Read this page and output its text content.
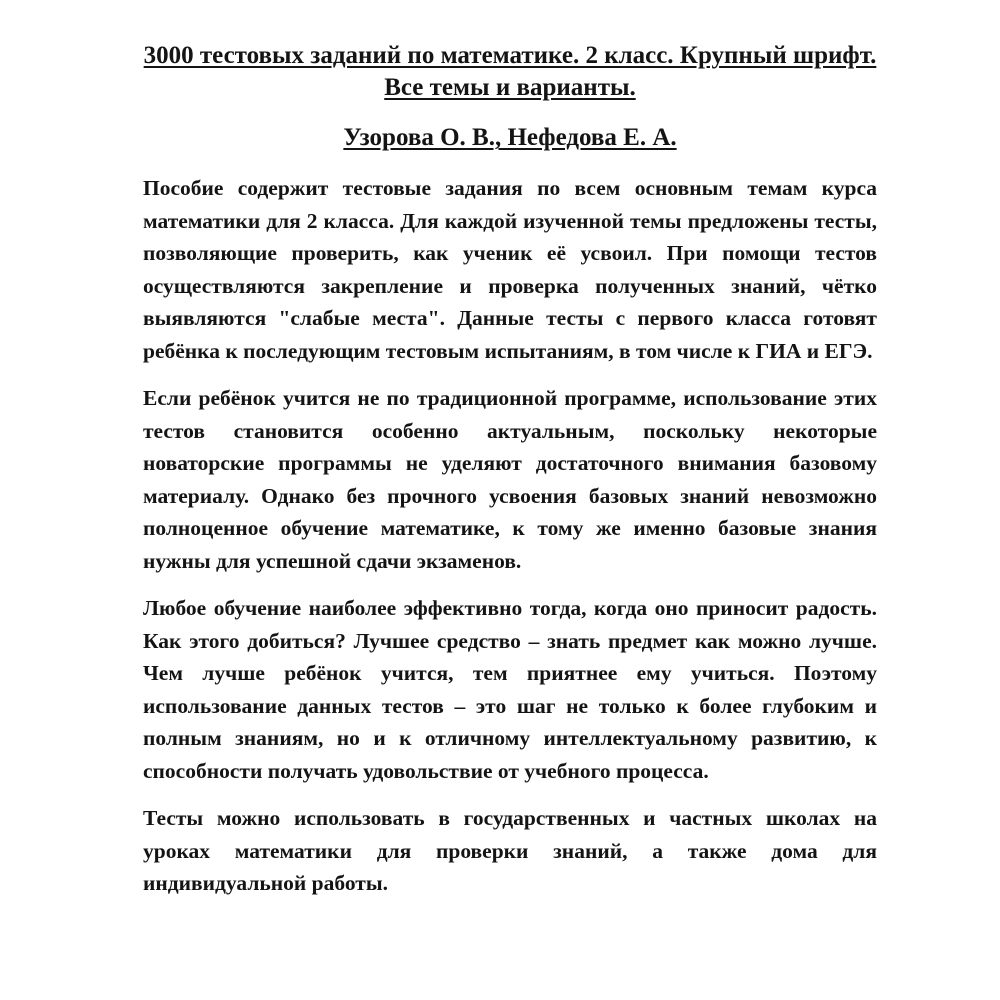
3000 тестовых заданий по математике. 2 класс. Крупный шрифт. Все темы и варианты.
Узорова О. В., Нефедова Е. А.

Пособие содержит тестовые задания по всем основным темам курса математики для 2 класса. Для каждой изученной темы предложены тесты, позволяющие проверить, как ученик её усвоил. При помощи тестов осуществляются закрепление и проверка полученных знаний, чётко выявляются "слабые места". Данные тесты с первого класса готовят ребёнка к последующим тестовым испытаниям, в том числе к ГИА и ЕГЭ.

Если ребёнок учится не по традиционной программе, использование этих тестов становится особенно актуальным, поскольку некоторые новаторские программы не уделяют достаточного внимания базовому материалу. Однако без прочного усвоения базовых знаний невозможно полноценное обучение математике, к тому же именно базовые знания нужны для успешной сдачи экзаменов.

Любое обучение наиболее эффективно тогда, когда оно приносит радость. Как этого добиться? Лучшее средство – знать предмет как можно лучше. Чем лучше ребёнок учится, тем приятнее ему учиться. Поэтому использование данных тестов – это шаг не только к более глубоким и полным знаниям, но и к отличному интеллектуальному развитию, к способности получать удовольствие от учебного процесса.

Тесты можно использовать в государственных и частных школах на уроках математики для проверки знаний, а также дома для индивидуальной работы.
